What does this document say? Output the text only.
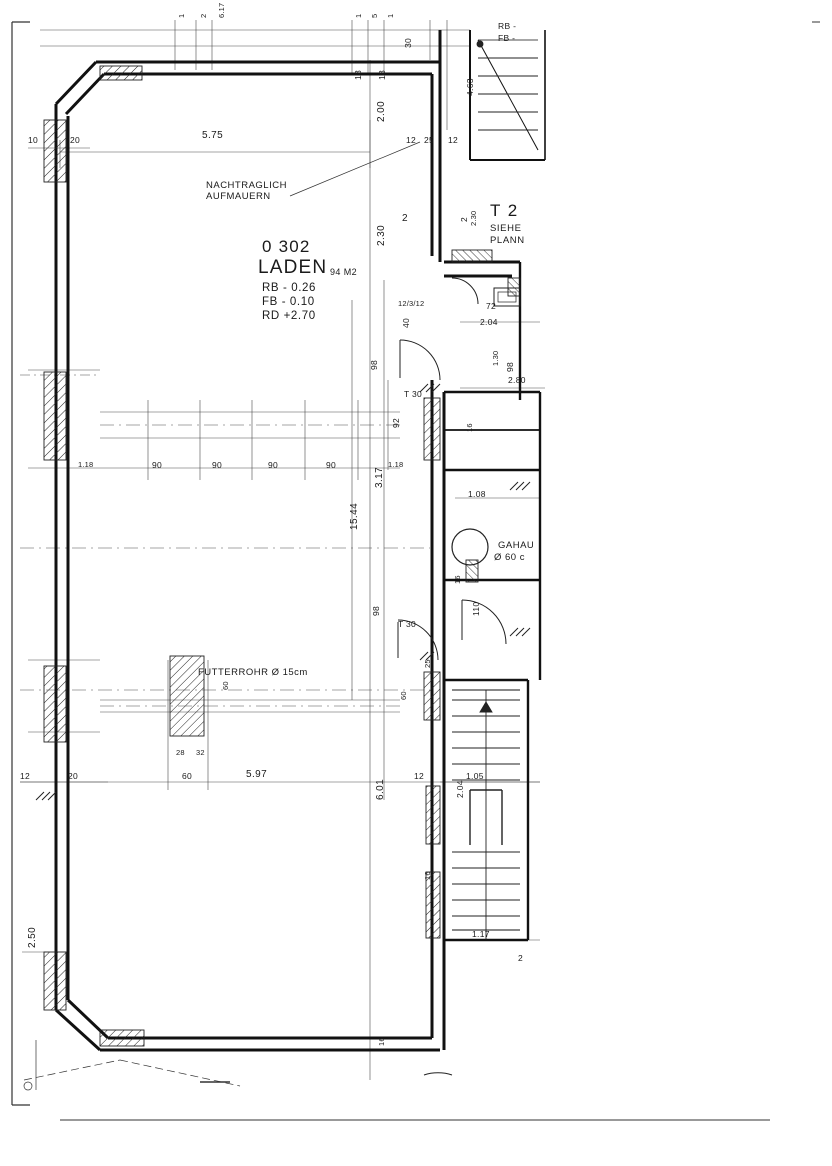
0 302
LADEN 94 M2
RB - 0.26
FB - 0.10
RD +2.70
NACHTRAGLICH
AUFMAUERN
FUTTERROHR Ø 15cm
GAHAU
Ø 60 c
T 2
SIEHE
PLANN
RB -
FB -
1 2 6.17	1 5 1
10	20	5.75
2.00
12 25 12
18 18
30
4.63
90	90	90	90
1.18	1.18
12	20	60	5.97	12	1.05
28 32
1.08
1.17
2
2.80
2.04
72
40
2
2.30
12/3/12
1.30
98
92
25
60
3.17
15.44
6.01
2.50
2.04
98
T 30
T 30
110
16
16
16
16
60
98
2 2.30
